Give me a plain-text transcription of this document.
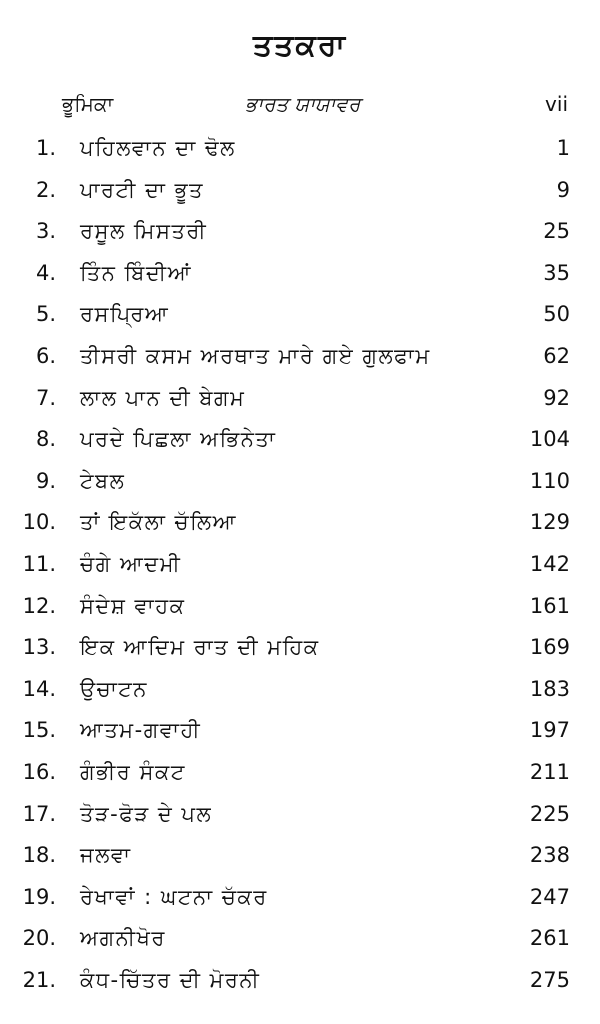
ਤਤਕਰਾ
ਭੂਮਿਕਾ	ਭਾਰਤ ਯਾਯਾਵਰ	vii
1. ਪਹਿਲਵਾਨ ਦਾ ਢੋਲ	1
2. ਪਾਰਟੀ ਦਾ ਭੂਤ	9
3. ਰਸੂਲ ਮਿਸਤਰੀ	25
4. ਤਿੰਨ ਬਿੰਦੀਆਂ	35
5. ਰਸਪ੍ਰਿਆ	50
6. ਤੀਸਰੀ ਕਸਮ ਅਰਥਾਤ ਮਾਰੇ ਗਏ ਗੁਲਫਾਮ	62
7. ਲਾਲ ਪਾਨ ਦੀ ਬੇਗਮ	92
8. ਪਰਦੇ ਪਿਛਲਾ ਅਭਿਨੇਤਾ	104
9. ਟੇਬਲ	110
10. ਤਾਂ ਇਕੱਲਾ ਚੱਲਿਆ	129
11. ਚੰਗੇ ਆਦਮੀ	142
12. ਸੰਦੇਸ਼ ਵਾਹਕ	161
13. ਇਕ ਆਦਿਮ ਰਾਤ ਦੀ ਮਹਿਕ	169
14. ਉਚਾਟਨ	183
15. ਆਤਮ-ਗਵਾਹੀ	197
16. ਗੰਭੀਰ ਸੰਕਟ	211
17. ਤੋੜ-ਫੋੜ ਦੇ ਪਲ	225
18. ਜਲਵਾ	238
19. ਰੇਖਾਵਾਂ : ਘਟਨਾ ਚੱਕਰ	247
20. ਅਗਨੀਖੋਰ	261
21. ਕੰਧ-ਚਿੱਤਰ ਦੀ ਮੋਰਨੀ	275
